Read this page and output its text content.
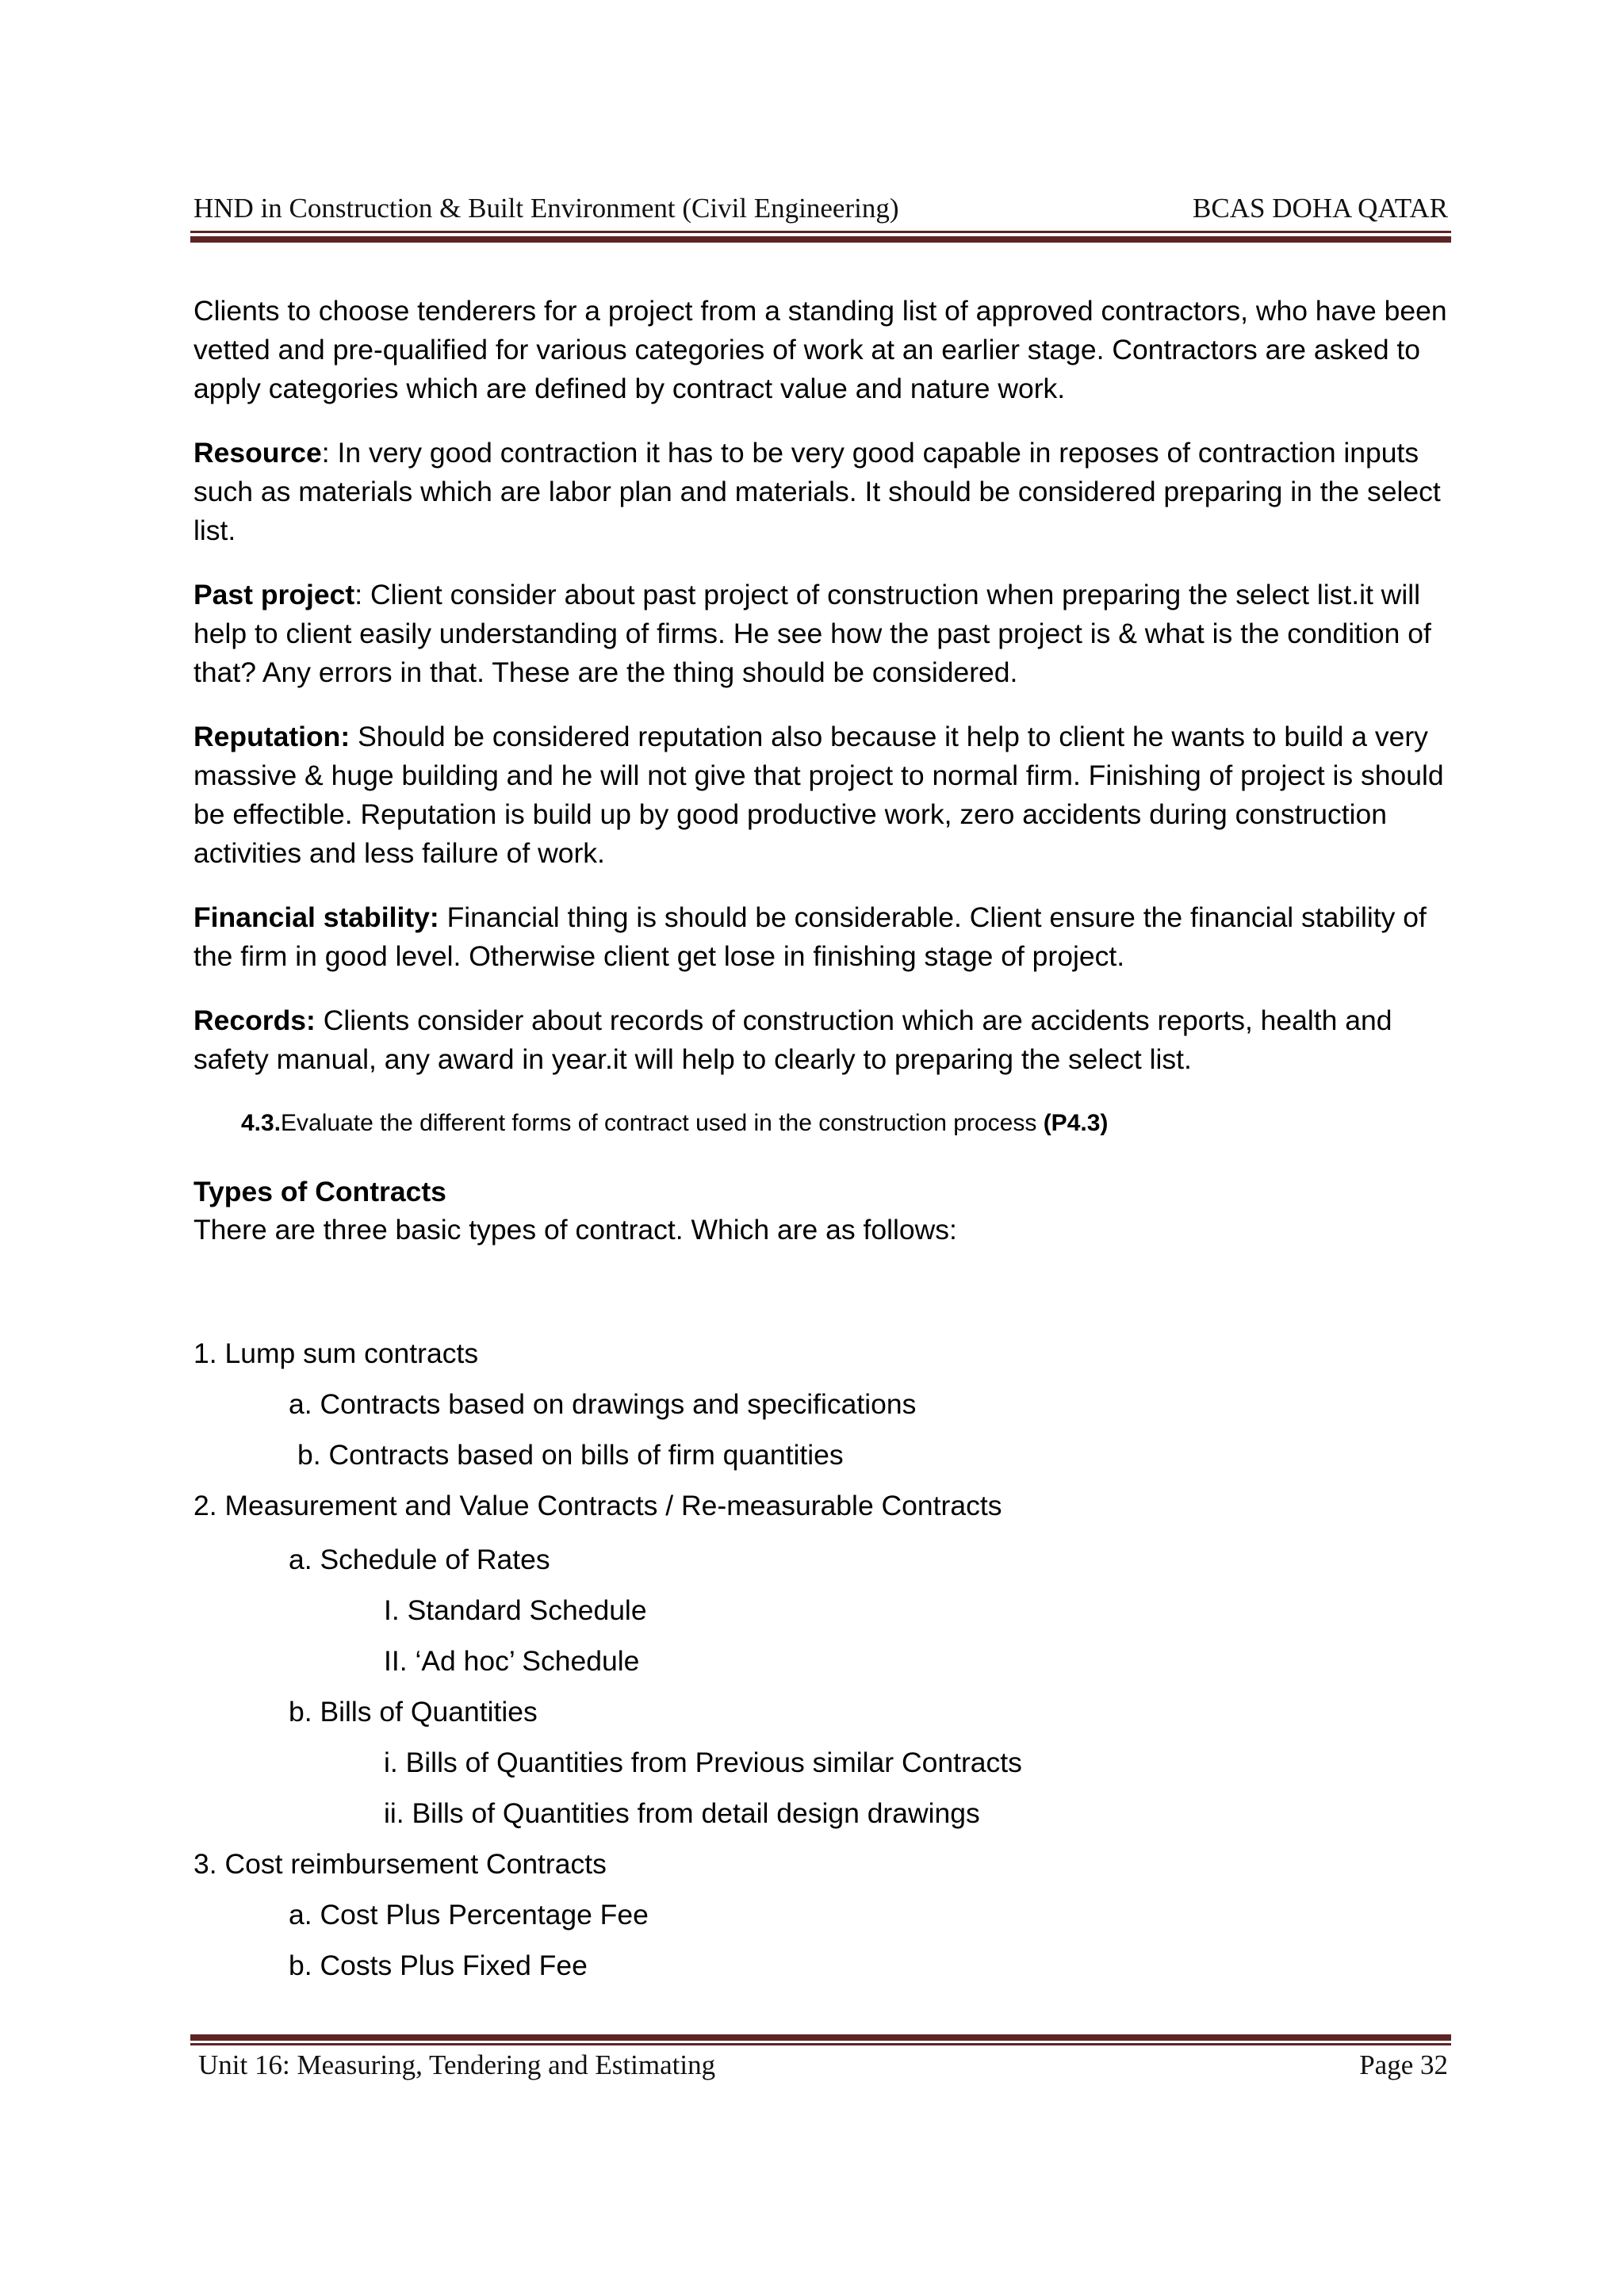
HND in Construction & Built Environment (Civil Engineering)	BCAS DOHA QATAR

Clients to choose tenderers for a project from a standing list of approved contractors, who have been vetted and pre-qualified for various categories of work at an earlier stage. Contractors are asked to apply categories which are defined by contract value and nature work.

Resource: In very good contraction it has to be very good capable in reposes of contraction inputs such as materials which are labor plan and materials. It should be considered preparing in the select list.

Past project: Client consider about past project of construction when preparing the select list.it will help to client easily understanding of firms. He see how the past project is & what is the condition of that? Any errors in that. These are the thing should be considered.

Reputation: Should be considered reputation also because it help to client he wants to build a very massive & huge building and he will not give that project to normal firm. Finishing of project is should be effectible. Reputation is build up by good productive work, zero accidents during construction activities and less failure of work.

Financial stability: Financial thing is should be considerable. Client ensure the financial stability of the firm in good level. Otherwise client get lose in finishing stage of project.

Records: Clients consider about records of construction which are accidents reports, health and safety manual, any award in year.it will help to clearly to preparing the select list.

4.3.Evaluate the different forms of contract used in the construction process (P4.3)

Types of Contracts

There are three basic types of contract. Which are as follows:

1. Lump sum contracts
a. Contracts based on drawings and specifications
b. Contracts based on bills of firm quantities
2. Measurement and Value Contracts / Re-measurable Contracts
a. Schedule of Rates
I. Standard Schedule
II. ‘Ad hoc’ Schedule
b. Bills of Quantities
i. Bills of Quantities from Previous similar Contracts
ii. Bills of Quantities from detail design drawings
3. Cost reimbursement Contracts
a. Cost Plus Percentage Fee
b. Costs Plus Fixed Fee
Unit 16: Measuring, Tendering and Estimating	Page 32
